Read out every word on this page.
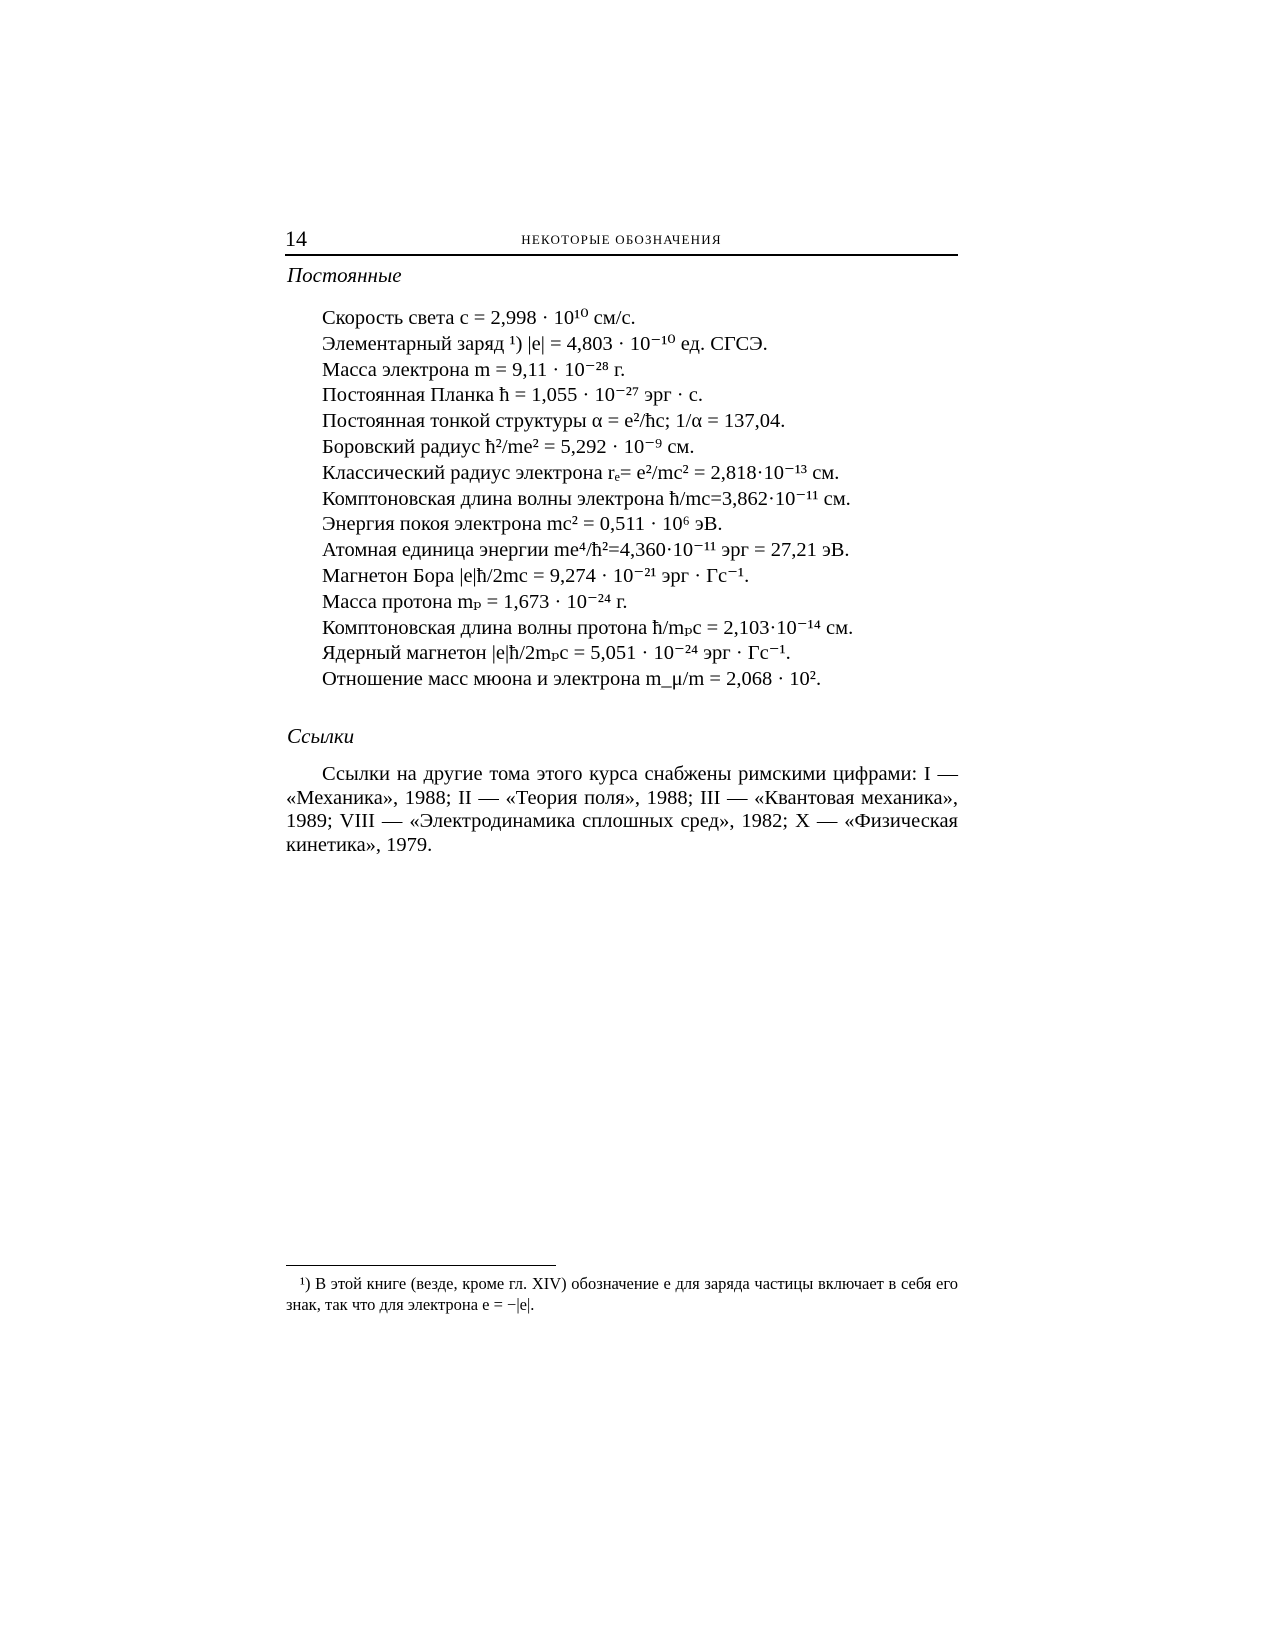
14	НЕКОТОРЫЕ ОБОЗНАЧЕНИЯ
Постоянные
Скорость света c = 2,998 · 10¹⁰ см/с.
Элементарный заряд ¹) |e| = 4,803 · 10⁻¹⁰ ед. СГСЭ.
Масса электрона m = 9,11 · 10⁻²⁸ г.
Постоянная Планка ħ = 1,055 · 10⁻²⁷ эрг · с.
Постоянная тонкой структуры α = e²/ħc; 1/α = 137,04.
Боровский радиус ħ²/me² = 5,292 · 10⁻⁹ см.
Классический радиус электрона rₑ= e²/mc² = 2,818·10⁻¹³ см.
Комптоновская длина волны электрона ħ/mc=3,862·10⁻¹¹ см.
Энергия покоя электрона mc² = 0,511 · 10⁶ эВ.
Атомная единица энергии me⁴/ħ²=4,360·10⁻¹¹ эрг = 27,21 эВ.
Магнетон Бора |e|ħ/2mc = 9,274 · 10⁻²¹ эрг · Гс⁻¹.
Масса протона mₚ = 1,673 · 10⁻²⁴ г.
Комптоновская длина волны протона ħ/mₚc = 2,103·10⁻¹⁴ см.
Ядерный магнетон |e|ħ/2mₚc = 5,051 · 10⁻²⁴ эрг · Гс⁻¹.
Отношение масс мюона и электрона m_μ/m = 2,068 · 10².
Ссылки

Ссылки на другие тома этого курса снабжены римскими цифрами: I — «Механика», 1988; II — «Теория поля», 1988; III — «Квантовая механика», 1989; VIII — «Электродинамика сплошных сред», 1982; X — «Физическая кинетика», 1979.

¹) В этой книге (везде, кроме гл. XIV) обозначение e для заряда частицы включает в себя его знак, так что для электрона e = −|e|.
